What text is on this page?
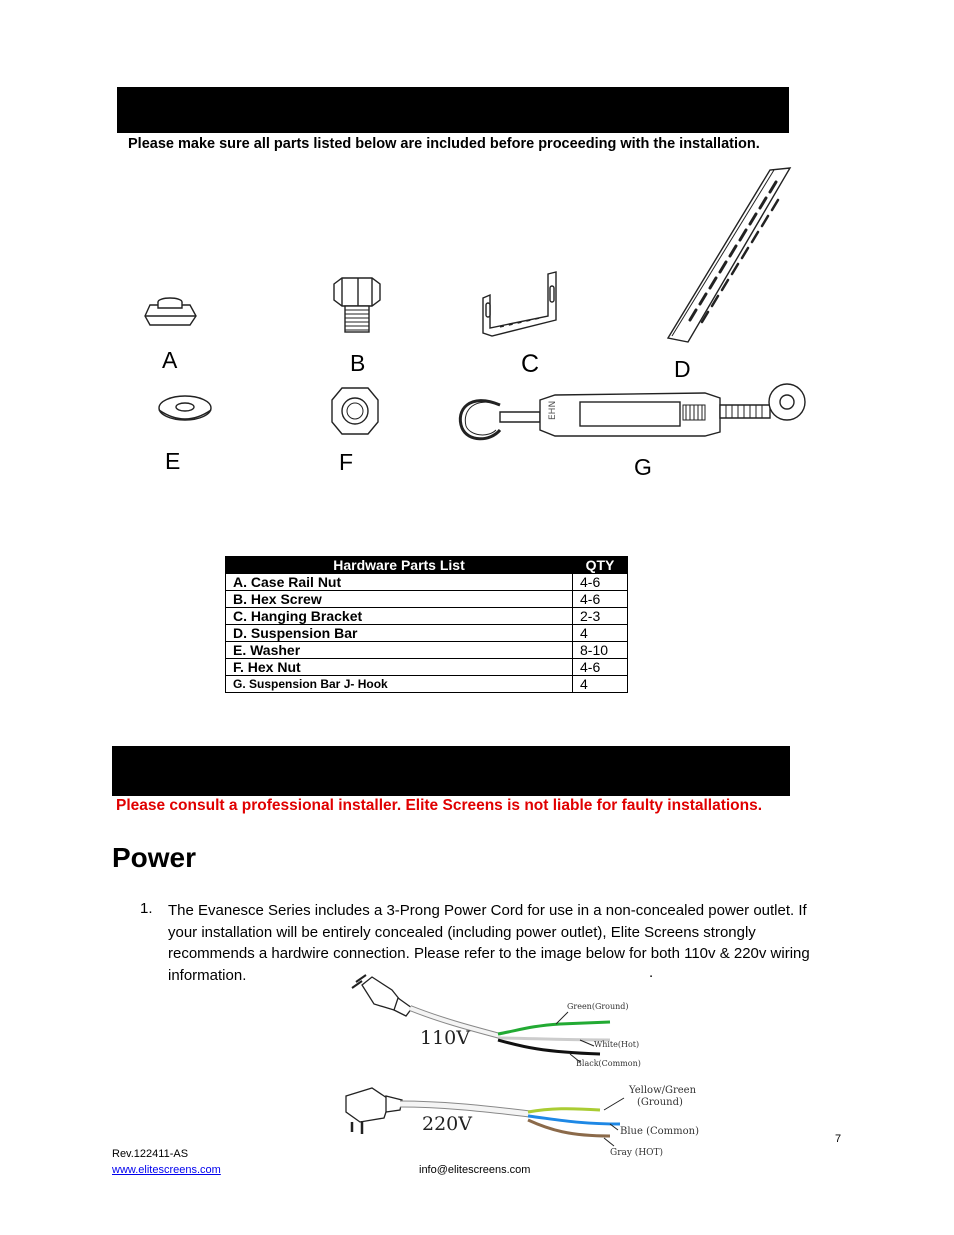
Please make sure all parts listed below are included before proceeding with the installation.
EHN
A	B	C	D
E	F	G
Hardware Parts List	QTY
A. Case Rail Nut	4-6
B. Hex Screw	4-6
C. Hanging Bracket	2-3
D. Suspension Bar	4
E. Washer	8-10
F. Hex Nut	4-6
G. Suspension Bar J- Hook	4
Please consult a professional installer. Elite Screens is not liable for faulty installations.
Power
1. The Evanesce Series includes a 3-Prong Power Cord for use in a non-concealed power outlet. If your installation will be entirely concealed (including power outlet), Elite Screens strongly recommends a hardwire connection. Please refer to the image below for both 110v & 220v wiring information.	.
110V
Green(Ground)
White(Hot)
Black(Common)
220V
Yellow/Green
(Ground)
Blue (Common)
Gray (HOT)
Rev.122411-AS
www.elitescreens.com	info@elitescreens.com
7
